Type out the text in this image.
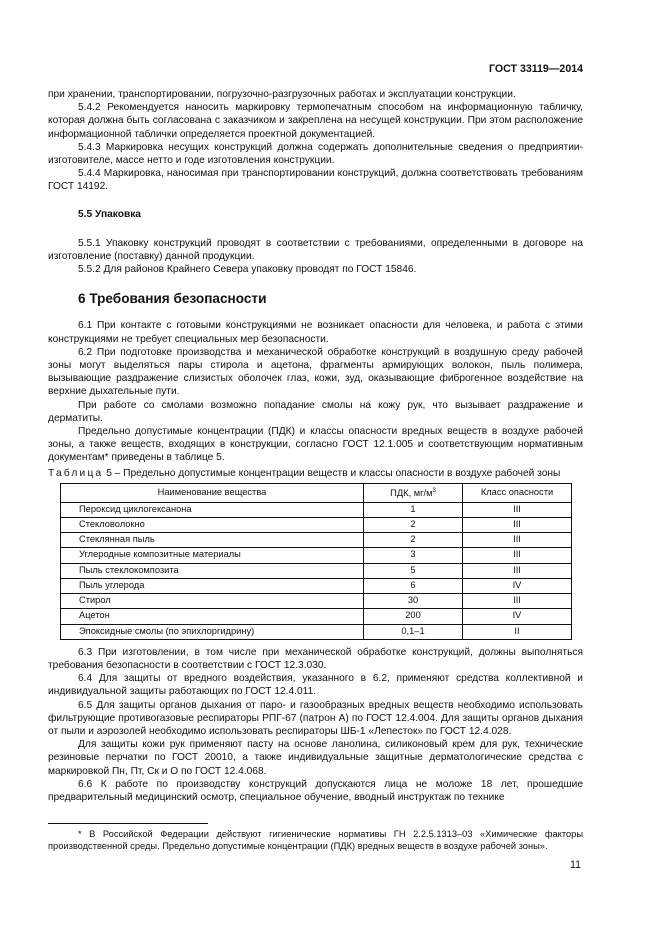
ГОСТ 33119—2014

при хранении, транспортировании, погрузочно-разгрузочных работах и эксплуатации конструкции.

5.4.2 Рекомендуется наносить маркировку термопечатным способом на информационную табличку, которая должна быть согласована с заказчиком и закреплена на несущей конструкции. При этом расположение информационной таблички определяется проектной документацией.

5.4.3 Маркировка несущих конструкций должна содержать дополнительные сведения о предприятии-изготовителе, массе нетто и годе изготовления конструкции.

5.4.4 Маркировка, наносимая при транспортировании конструкций, должна соответствовать требованиям ГОСТ 14192.

5.5 Упаковка

5.5.1 Упаковку конструкций проводят в соответствии с требованиями, определенными в договоре на изготовление (поставку) данной продукции.

5.5.2 Для районов Крайнего Севера упаковку проводят по ГОСТ 15846.

6 Требования безопасности

6.1 При контакте с готовыми конструкциями не возникает опасности для человека, и работа с этими конструкциями не требует специальных мер безопасности.

6.2 При подготовке производства и механической обработке конструкций в воздушную среду рабочей зоны могут выделяться пары стирола и ацетона, фрагменты армирующих волокон, пыль полимера, вызывающие раздражение слизистых оболочек глаз, кожи, зуд, оказывающие фиброгенное воздействие на верхние дыхательные пути.

При работе со смолами возможно попадание смолы на кожу рук, что вызывает раздражение и дерматиты.

Предельно допустимые концентрации (ПДК) и классы опасности вредных веществ в воздухе рабочей зоны, а также веществ, входящих в конструкции, согласно ГОСТ 12.1.005 и соответствующим нормативным документам* приведены в таблице 5.

Таблица 5 – Предельно допустимые концентрации веществ и классы опасности в воздухе рабочей зоны

Наименование вещества	ПДК, $мг/м^3$	Класс опасности
Пероксид циклогексанона	1	III
Стекловолокно	2	III
Стеклянная пыль	2	III
Углеродные композитные материалы	3	III
Пыль стеклокомпозита	5	III
Пыль углерода	6	IV
Стирол	30	III
Ацетон	200	IV
Эпоксидные смолы (по эпихлоргидрину)	0,1–1	II

6.3 При изготовлении, в том числе при механической обработке конструкций, должны выполняться требования безопасности в соответствии с ГОСТ 12.3.030.

6.4 Для защиты от вредного воздействия, указанного в 6.2, применяют средства коллективной и индивидуальной защиты работающих по ГОСТ 12.4.011.

6.5 Для защиты органов дыхания от паро- и газообразных вредных веществ необходимо использовать фильтрующие противогазовые респираторы РПГ-67 (патрон А) по ГОСТ 12.4.004. Для защиты органов дыхания от пыли и аэрозолей необходимо использовать респираторы ШБ-1 «Лепесток» по ГОСТ 12.4.028.

Для защиты кожи рук применяют пасту на основе ланолина, силиконовый крем для рук, технические резиновые перчатки по ГОСТ 20010, а также индивидуальные защитные дерматологические средства с маркировкой Пн, Пт, Ск и О по ГОСТ 12.4.068.

6.6 К работе по производству конструкций допускаются лица не моложе 18 лет, прошедшие предварительный медицинский осмотр, специальное обучение, вводный инструктаж по технике

* В Российской Федерации действуют гигиенические нормативы ГН 2.2.5.1313–03 «Химические факторы производственной среды. Предельно допустимые концентрации (ПДК) вредных веществ в воздухе рабочей зоны».

11
